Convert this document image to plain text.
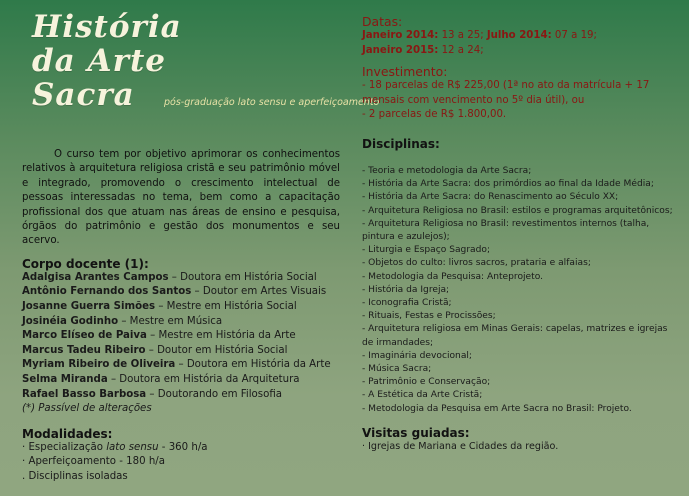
História
da Arte
Sacra
O curso tem por objetivo aprimorar os conhecimentos relativos à arquitetura religiosa cristã e seu patrimônio móvel e integrado, promovendo o crescimento intelectual de pessoas interessadas no tema, bem como a capacitação profissional dos que atuam nas áreas de ensino e pesquisa, órgãos do patrimônio e gestão dos monumentos e seu acervo.
Corpo docente (1):
Adalgisa Arantes Campos – Doutora em História Social
Antônio Fernando dos Santos – Doutor em Artes Visuais
Josanne Guerra Simões – Mestre em História Social
Josinéia Godinho – Mestre em Música
Marco Elíseo de Paiva – Mestre em História da Arte
Marcus Tadeu Ribeiro – Doutor em História Social
Myriam Ribeiro de Oliveira – Doutora em História da Arte
Selma Miranda – Doutora em História da Arquitetura
Rafael Basso Barbosa – Doutorando em Filosofia
(*) Passível de alterações
Modalidades:
· Especialização lato sensu - 360 h/a
· Aperfeiçoamento - 180 h/a
. Disciplinas isoladas
pós-graduação lato sensu e aperfeiçoamento
Datas:
Janeiro 2014: 13 a 25; Julho 2014: 07 a 19;
Janeiro 2015: 12 a 24;
Investimento:
- 18 parcelas de R$ 225,00 (1ª no ato da matrícula + 17 mensais com vencimento no 5º dia útil), ou
- 2 parcelas de R$ 1.800,00.
Disciplinas:
- Teoria e metodologia da Arte Sacra;
- História da Arte Sacra: dos primórdios ao final da Idade Média;
- História da Arte Sacra: do Renascimento ao Século XX;
- Arquitetura Religiosa no Brasil: estilos e programas arquitetônicos;
- Arquitetura Religiosa no Brasil: revestimentos internos (talha, pintura e azulejos);
- Liturgia e Espaço Sagrado;
- Objetos do culto: livros sacros, prataria e alfaias;
- Metodologia da Pesquisa: Anteprojeto.
- História da Igreja;
- Iconografia Cristã;
- Rituais, Festas e Procissões;
- Arquitetura religiosa em Minas Gerais: capelas, matrizes e igrejas de irmandades;
- Imaginária devocional;
- Música Sacra;
- Patrimônio e Conservação;
- A Estética da Arte Cristã;
- Metodologia da Pesquisa em Arte Sacra no Brasil: Projeto.
Visitas guiadas:
· Igrejas de Mariana e Cidades da região.
